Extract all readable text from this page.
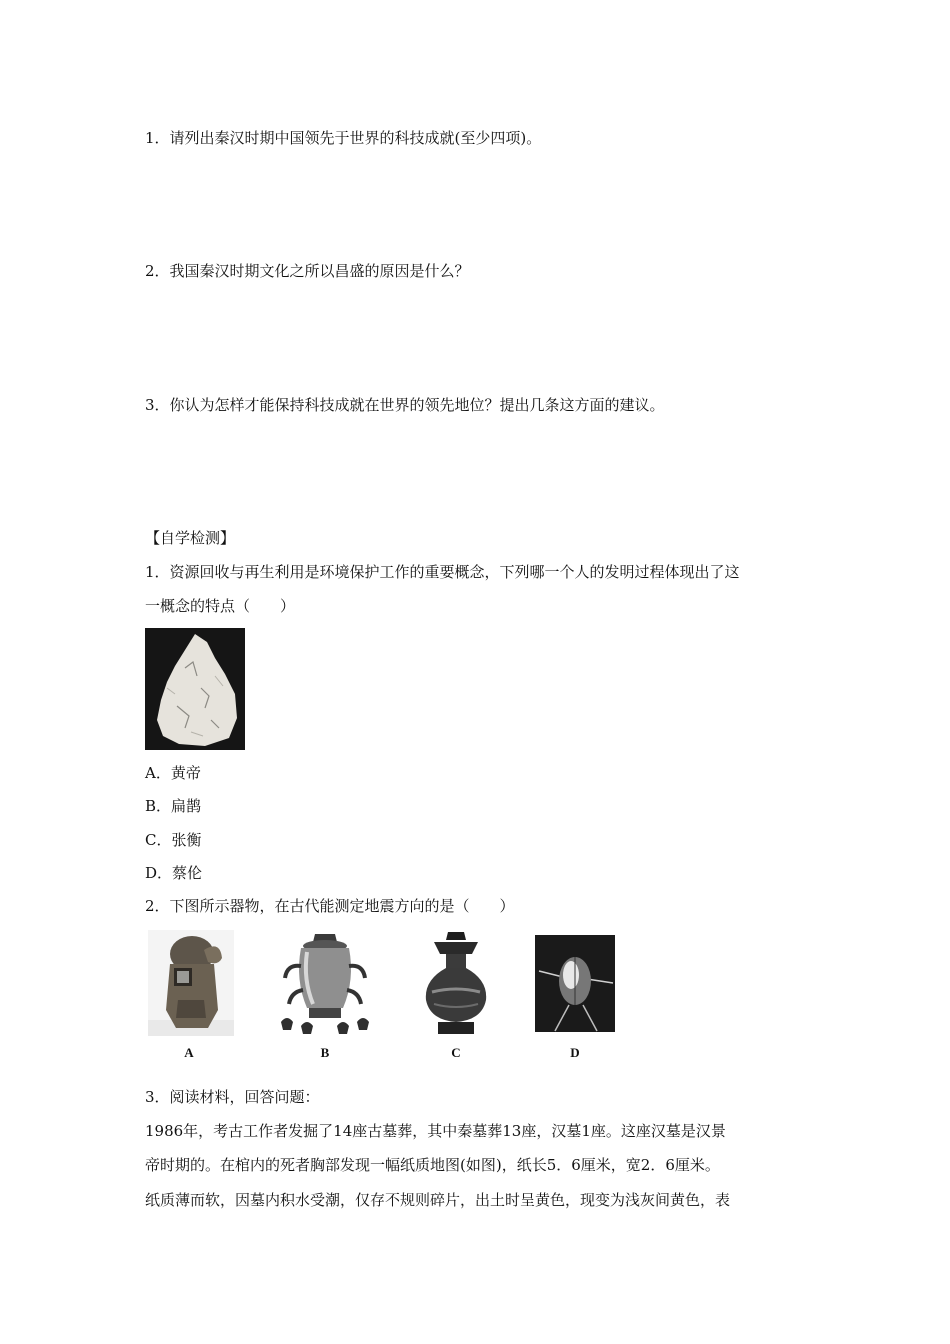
1．请列出秦汉时期中国领先于世界的科技成就(至少四项)。
2．我国秦汉时期文化之所以昌盛的原因是什么？
3．你认为怎样才能保持科技成就在世界的领先地位？提出几条这方面的建议。
【自学检测】
1．资源回收与再生利用是环境保护工作的重要概念，下列哪一个人的发明过程体现出了这
一概念的特点（　　）
A．黄帝
B．扁鹊
C．张衡
D．蔡伦
2．下图所示器物，在古代能测定地震方向的是（　　）
A	B	C	D
3．阅读材料，回答问题：
1986年，考古工作者发掘了14座古墓葬，其中秦墓葬13座，汉墓1座。这座汉墓是汉景
帝时期的。在棺内的死者胸部发现一幅纸质地图(如图)，纸长5．6厘米，宽2．6厘米。
纸质薄而软，因墓内积水受潮，仅存不规则碎片，出土时呈黄色，现变为浅灰间黄色，表
